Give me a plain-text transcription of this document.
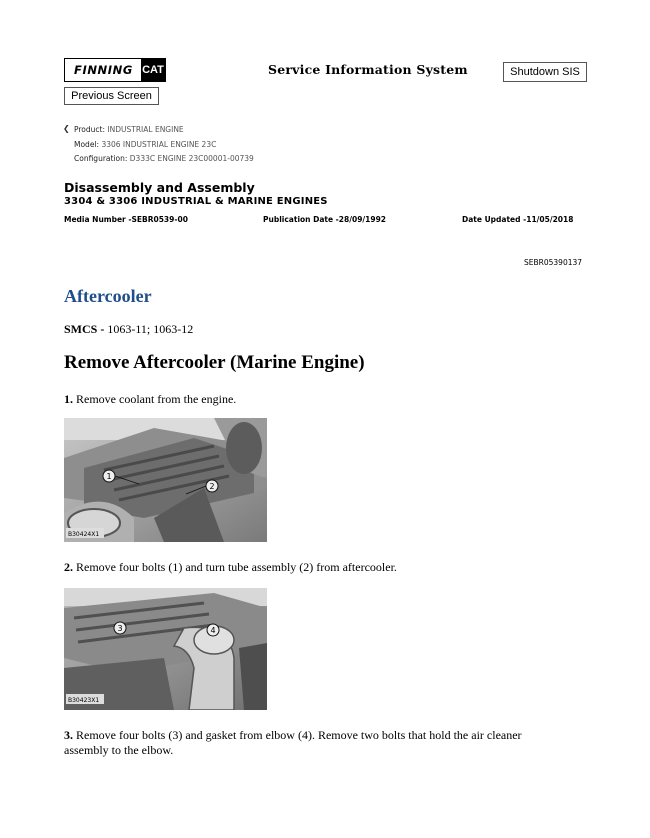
FINNING CAT	Service Information System	Shutdown SIS
Previous Screen
❮ Product: INDUSTRIAL ENGINE
Model: 3306 INDUSTRIAL ENGINE 23C
Configuration: D333C ENGINE 23C00001-00739
Disassembly and Assembly
3304 & 3306 INDUSTRIAL & MARINE ENGINES
Media Number -SEBR0539-00	Publication Date -28/09/1992	Date Updated -11/05/2018
SEBR05390137
Aftercooler
SMCS - 1063-11; 1063-12
Remove Aftercooler (Marine Engine)
1. Remove coolant from the engine.
1
2
B30424X1
2. Remove four bolts (1) and turn tube assembly (2) from aftercooler.
3	4
B30423X1
3. Remove four bolts (3) and gasket from elbow (4). Remove two bolts that hold the air cleaner assembly to the elbow.
